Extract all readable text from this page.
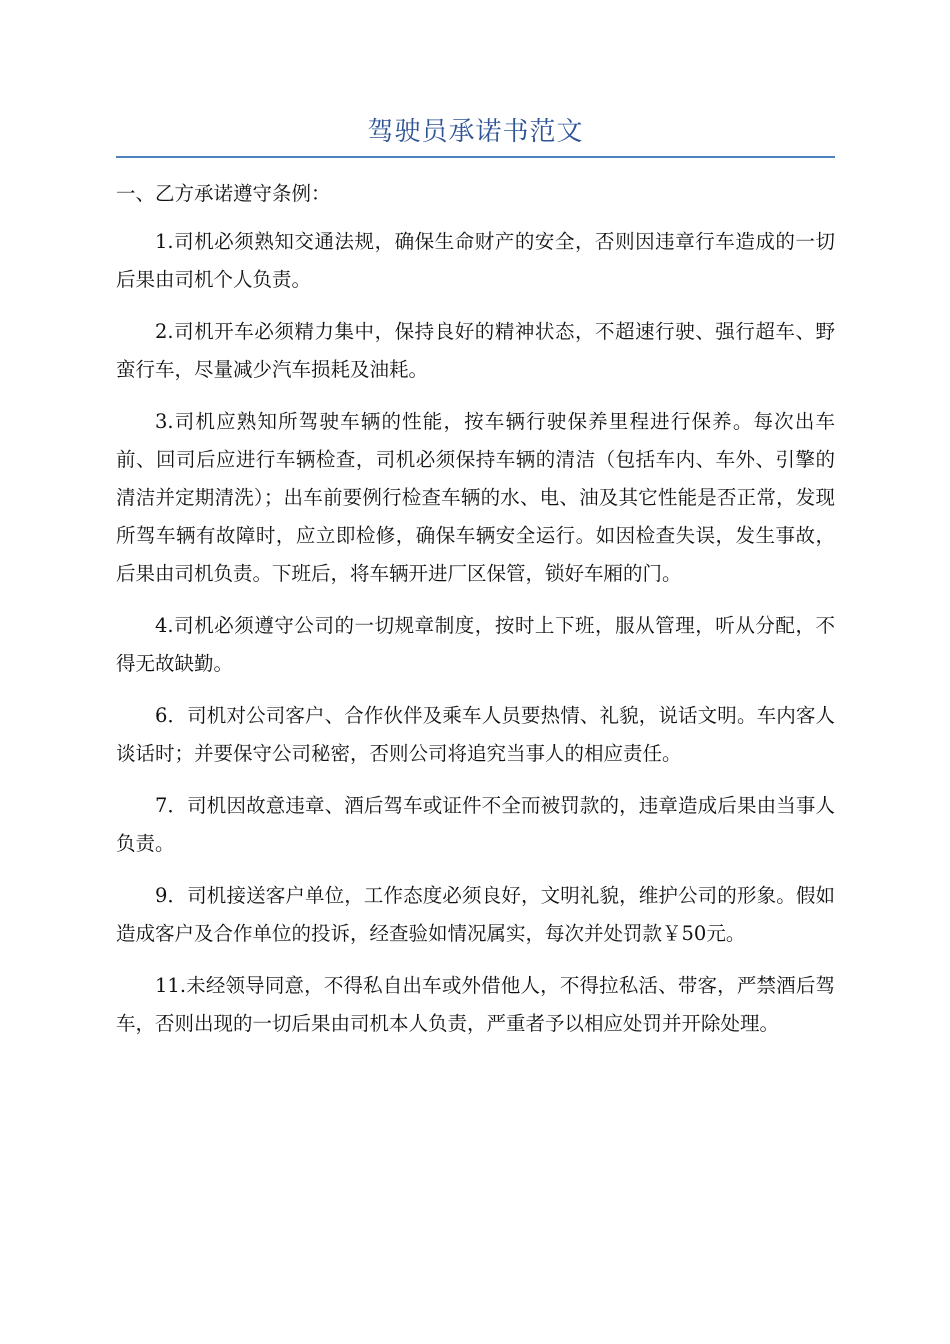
驾驶员承诺书范文
一、乙方承诺遵守条例：

1.司机必须熟知交通法规，确保生命财产的安全，否则因违章行车造成的一切后果由司机个人负责。

2.司机开车必须精力集中，保持良好的精神状态，不超速行驶、强行超车、野蛮行车，尽量减少汽车损耗及油耗。

3.司机应熟知所驾驶车辆的性能，按车辆行驶保养里程进行保养。每次出车前、回司后应进行车辆检查，司机必须保持车辆的清洁（包括车内、车外、引擎的清洁并定期清洗）；出车前要例行检查车辆的水、电、油及其它性能是否正常，发现所驾车辆有故障时，应立即检修，确保车辆安全运行。如因检查失误，发生事故，后果由司机负责。下班后，将车辆开进厂区保管，锁好车厢的门。

4.司机必须遵守公司的一切规章制度，按时上下班，服从管理，听从分配，不得无故缺勤。

6．司机对公司客户、合作伙伴及乘车人员要热情、礼貌，说话文明。车内客人谈话时；并要保守公司秘密，否则公司将追究当事人的相应责任。

7．司机因故意违章、酒后驾车或证件不全而被罚款的，违章造成后果由当事人负责。

9．司机接送客户单位，工作态度必须良好，文明礼貌，维护公司的形象。假如造成客户及合作单位的投诉，经查验如情况属实，每次并处罚款￥50元。

11.未经领导同意，不得私自出车或外借他人，不得拉私活、带客，严禁酒后驾车，否则出现的一切后果由司机本人负责，严重者予以相应处罚并开除处理。
